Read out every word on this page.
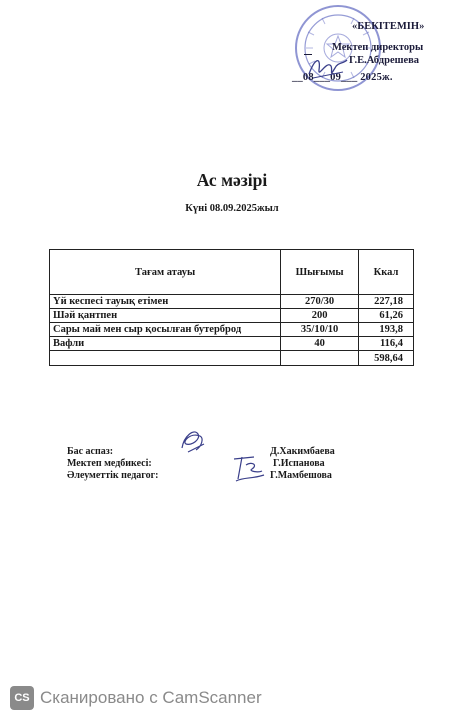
«БЕКІТЕМІН»
Мектеп директоры
Г.Е.Абдрешева
__08___09___ 2025ж.
Ас мәзірі
Күні 08.09.2025жыл
Тағам атауы	Шығымы	Ккал
Үй кеспесі тауық етімен	270/30	227,18
Шәй қантпен	200	61,26
Сары май мен сыр қосылған бутерброд	35/10/10	193,8
Вафли	40	116,4
		598,64
Бас аспаз:
Мектеп медбикесі:
Әлеуметтік педагог:
Д.Хакимбаева
Г.Испанова
Г.Мамбешова
CS Сканировано с CamScanner
